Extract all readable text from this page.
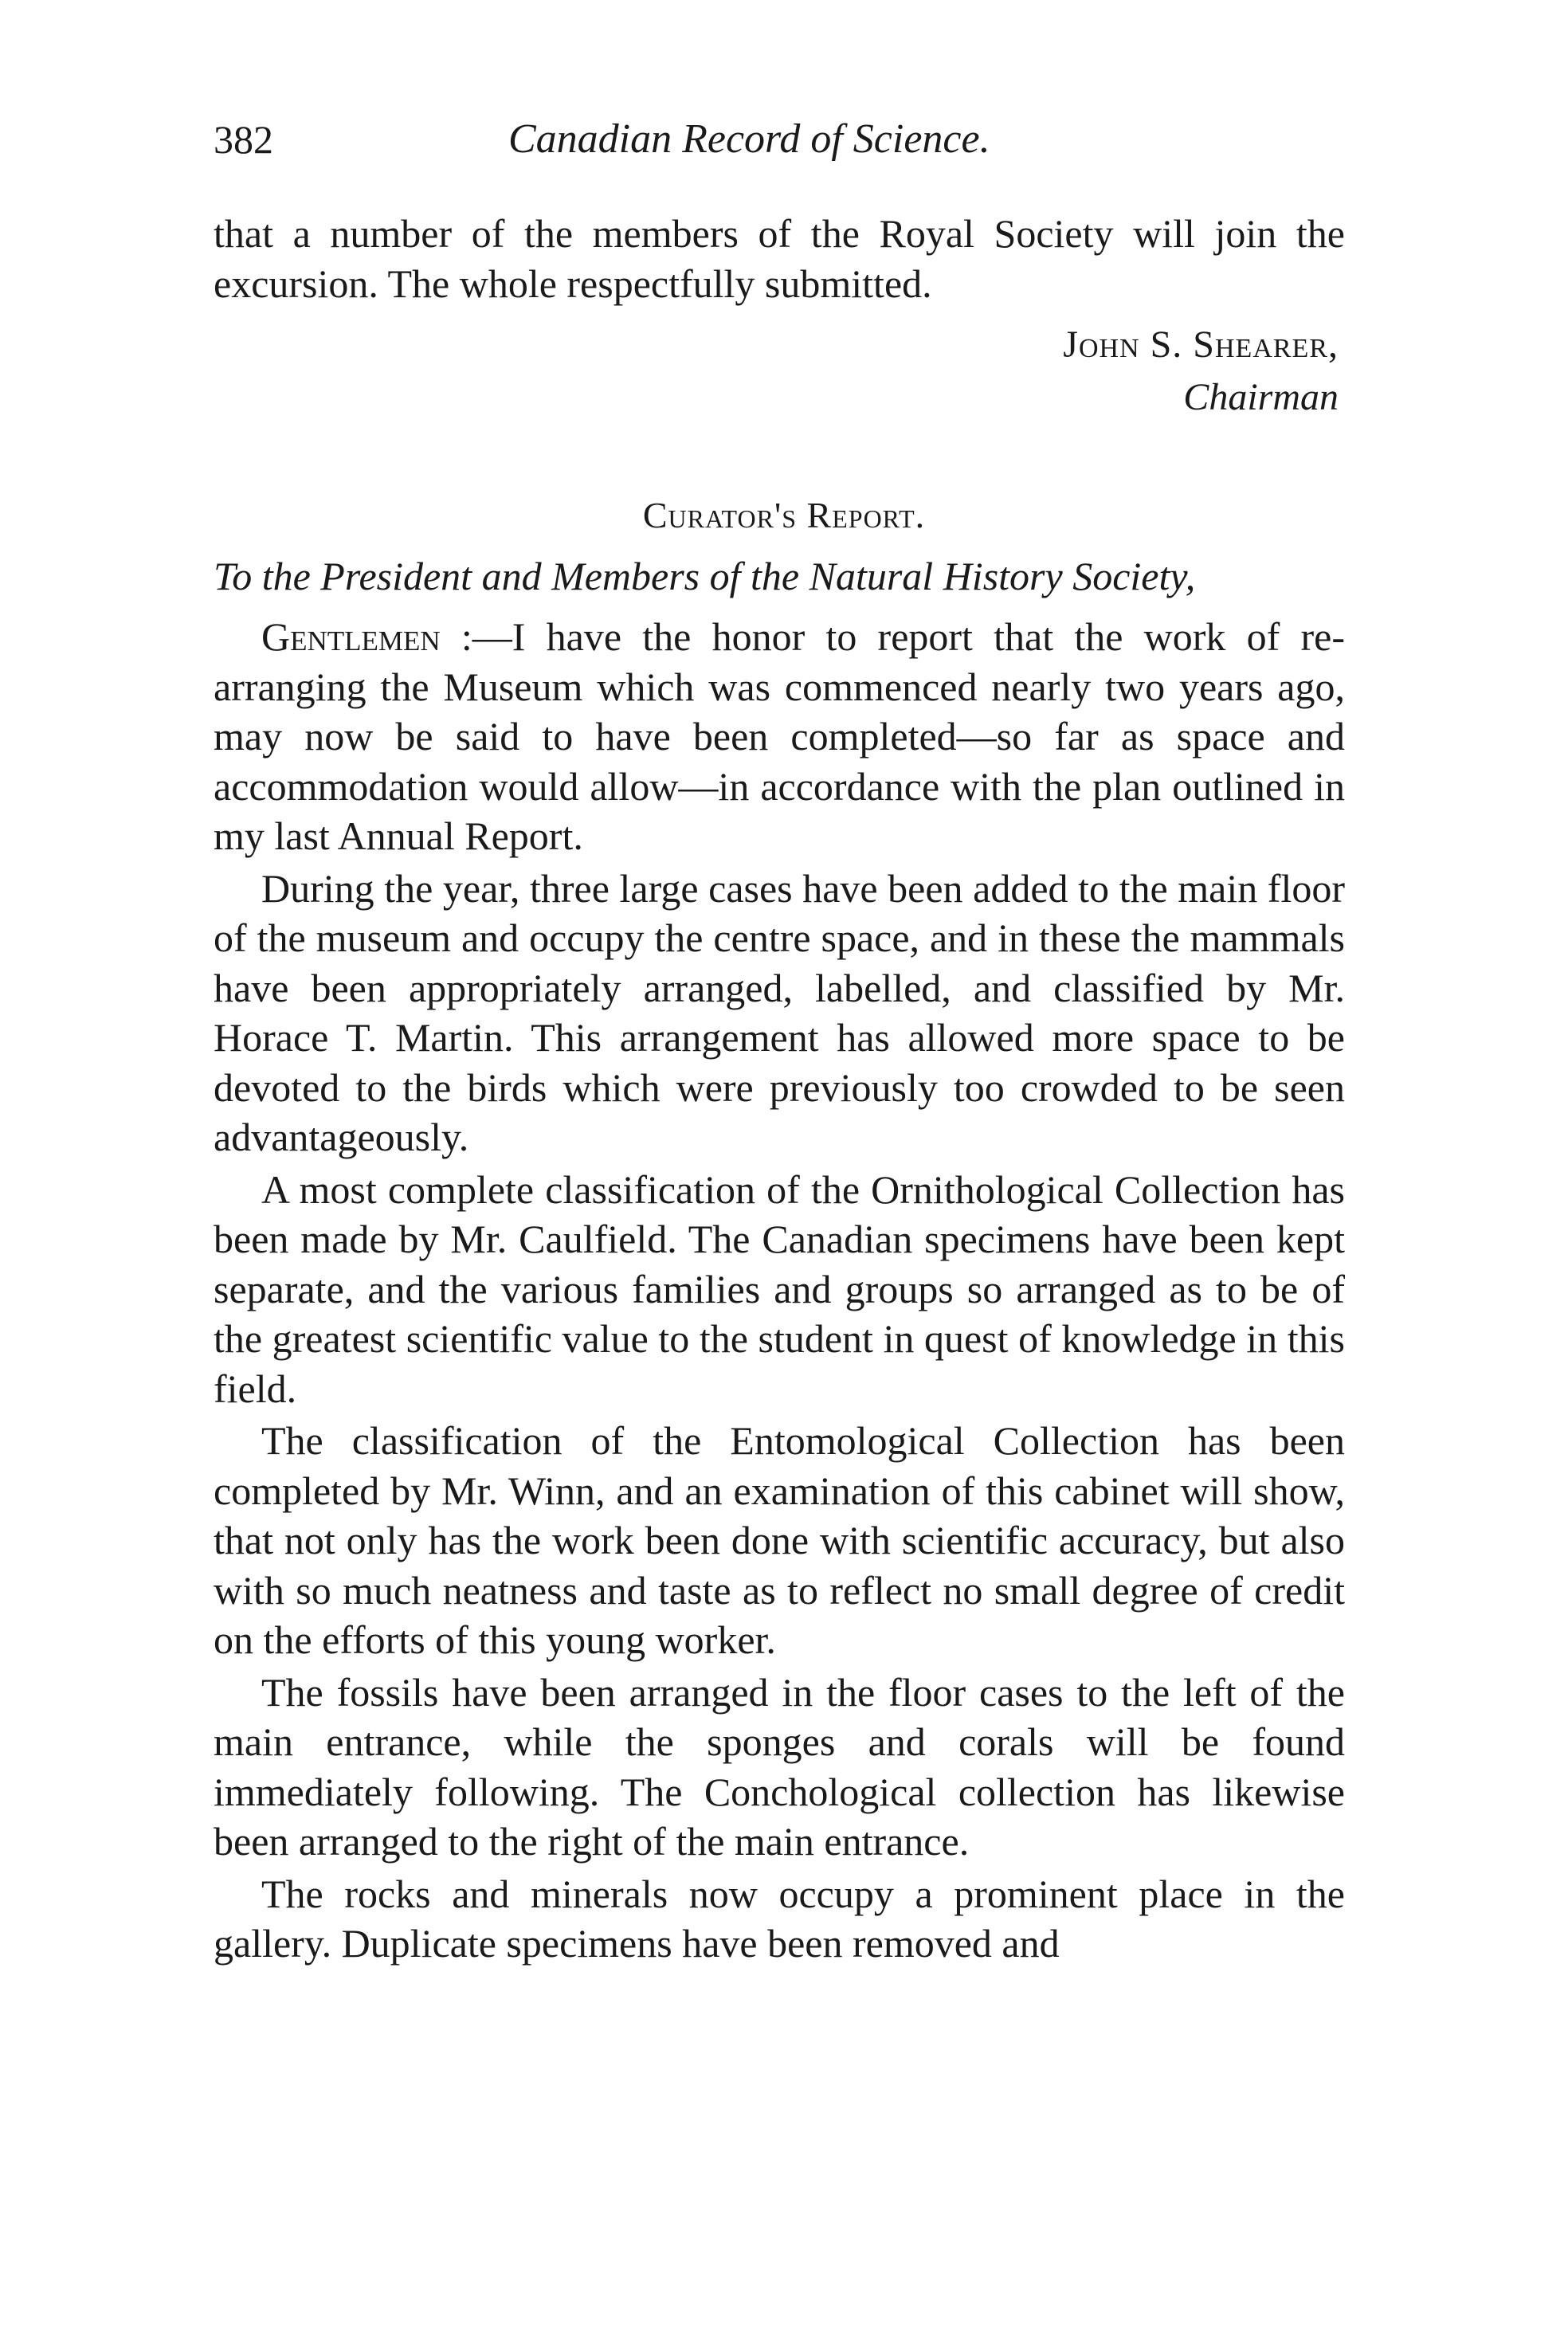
382	Canadian Record of Science.

that a number of the members of the Royal Society will join the excursion. The whole respectfully submitted.

John S. Shearer,
Chairman
Curator's Report.
To the President and Members of the Natural History Society,

Gentlemen :—I have the honor to report that the work of re-arranging the Museum which was commenced nearly two years ago, may now be said to have been completed—so far as space and accommodation would allow—in accordance with the plan outlined in my last Annual Report.

During the year, three large cases have been added to the main floor of the museum and occupy the centre space, and in these the mammals have been appropriately arranged, labelled, and classified by Mr. Horace T. Martin. This arrangement has allowed more space to be devoted to the birds which were previously too crowded to be seen advantageously.

A most complete classification of the Ornithological Collection has been made by Mr. Caulfield. The Canadian specimens have been kept separate, and the various families and groups so arranged as to be of the greatest scientific value to the student in quest of knowledge in this field.

The classification of the Entomological Collection has been completed by Mr. Winn, and an examination of this cabinet will show, that not only has the work been done with scientific accuracy, but also with so much neatness and taste as to reflect no small degree of credit on the efforts of this young worker.

The fossils have been arranged in the floor cases to the left of the main entrance, while the sponges and corals will be found immediately following. The Conchological collection has likewise been arranged to the right of the main entrance.

The rocks and minerals now occupy a prominent place in the gallery. Duplicate specimens have been removed and
